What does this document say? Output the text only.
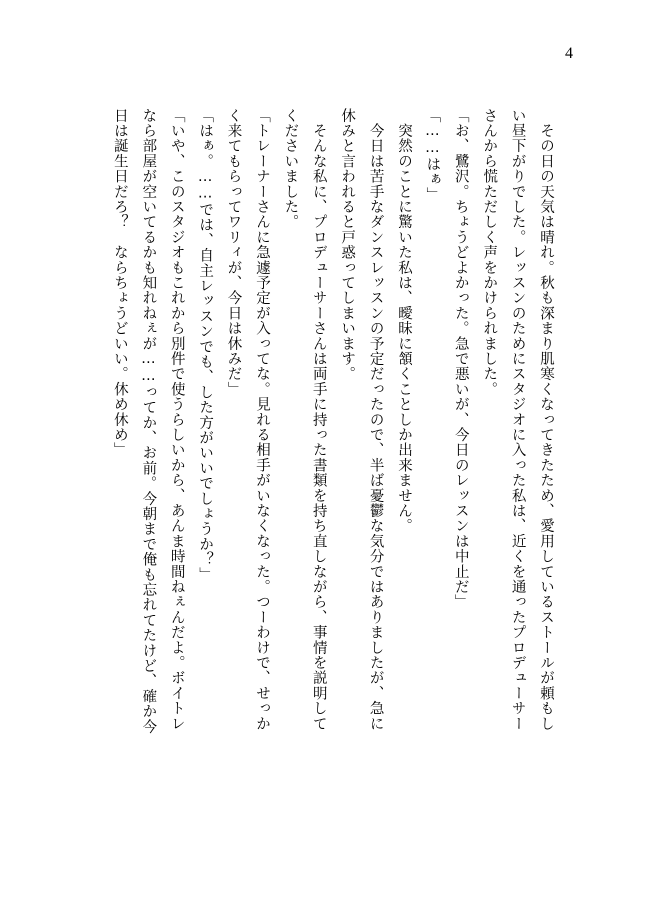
4
　その日の天気は晴れ。秋も深まり肌寒くなってきたため、愛用しているストールが頼もし
い昼下がりでした。レッスンのためにスタジオに入った私は、近くを通ったプロデューサー
さんから慌ただしく声をかけられました。
「お、鷺沢。ちょうどよかった。急で悪いが、今日のレッスンは中止だ」
「……はぁ」
　突然のことに驚いた私は、曖昧に頷くことしか出来ません。
　今日は苦手なダンスレッスンの予定だったので、半ば憂鬱な気分ではありましたが、急に
休みと言われると戸惑ってしまいます。
　そんな私に、プロデューサーさんは両手に持った書類を持ち直しながら、事情を説明して
くださいました。
「トレーナーさんに急遽予定が入ってな。見れる相手がいなくなった。つーわけで、せっか
く来てもらってワリィが、今日は休みだ」
「はぁ。……では、自主レッスンでも、した方がいいでしょうか？」
「いや、このスタジオもこれから別件で使うらしいから、あんま時間ねぇんだよ。ボイトレ
なら部屋が空いてるかも知れねぇが……ってか、お前。今朝まで俺も忘れてたけど、確か今
日は誕生日だろ？　ならちょうどいい。休め休め」
